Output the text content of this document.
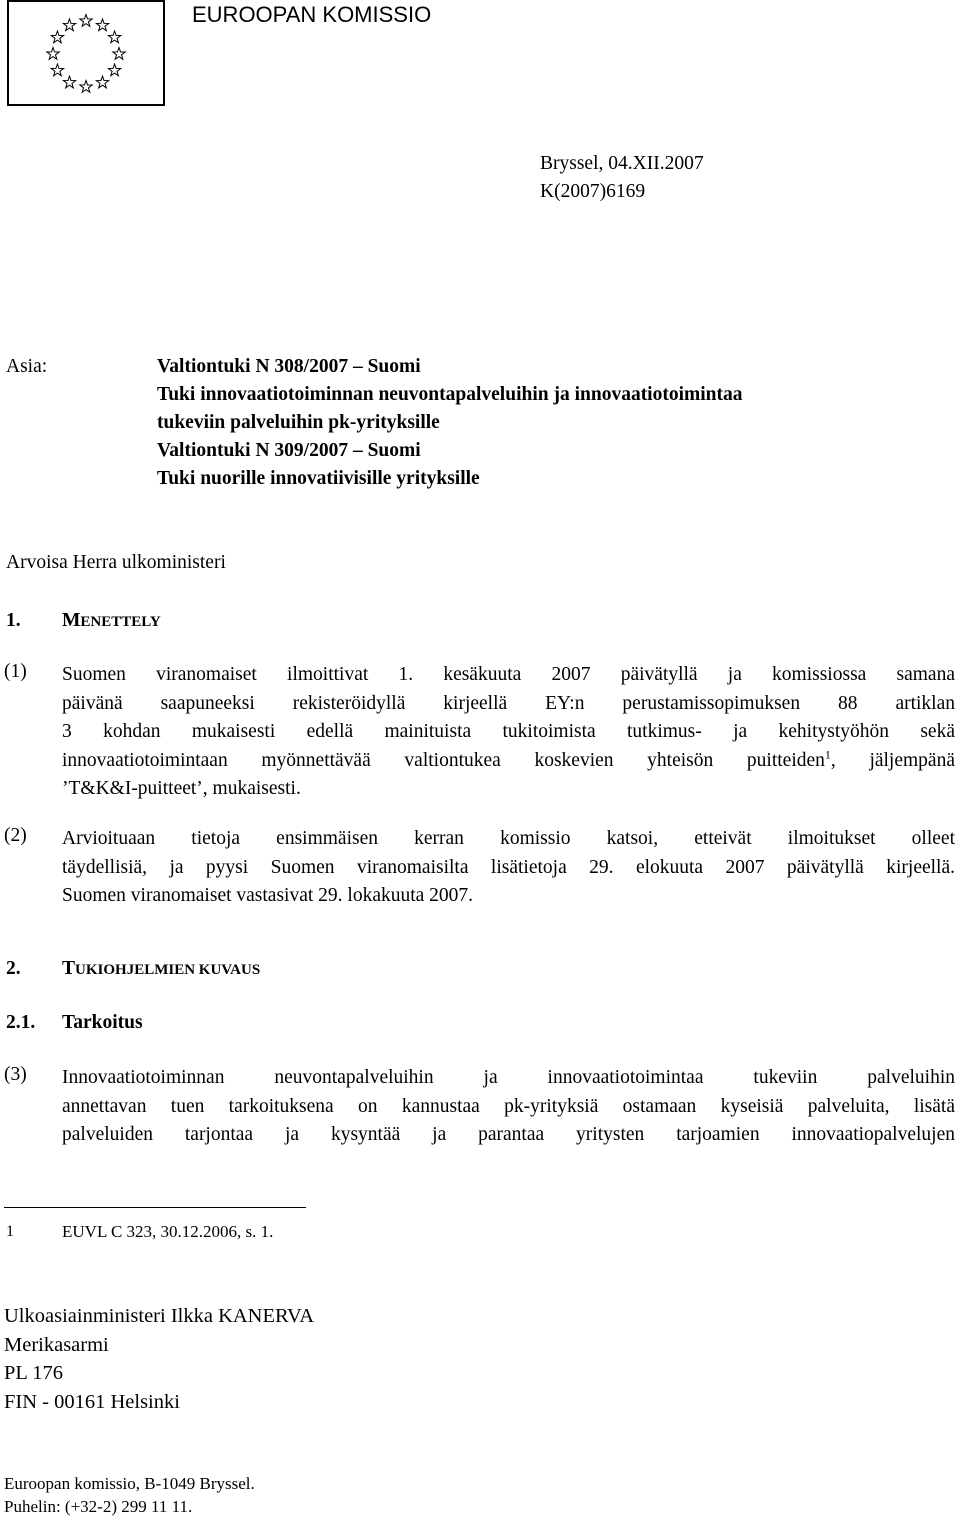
EUROOPAN KOMISSIO
Bryssel, 04.XII.2007
K(2007)6169
Asia:	Valtiontuki N 308/2007 – Suomi
Tuki innovaatiotoiminnan neuvontapalveluihin ja innovaatiotoimintaa
tukeviin palveluihin pk-yrityksille
Valtiontuki N 309/2007 – Suomi
Tuki nuorille innovatiivisille yrityksille
Arvoisa Herra ulkoministeri
1. MENETTELY
(1) Suomen viranomaiset ilmoittivat 1. kesäkuuta 2007 päivätyllä ja komissiossa samana
päivänä saapuneeksi rekisteröidyllä kirjeellä EY:n perustamissopimuksen 88 artiklan
3 kohdan mukaisesti edellä mainituista tukitoimista tutkimus- ja kehitystyöhön sekä
innovaatiotoimintaan myönnettävää valtiontukea koskevien yhteisön puitteiden$^1$, jäljempänä
’T&K&I-puitteet’, mukaisesti.
(2) Arvioituaan tietoja ensimmäisen kerran komissio katsoi, etteivät ilmoitukset olleet
täydellisiä, ja pyysi Suomen viranomaisilta lisätietoja 29. elokuuta 2007 päivätyllä kirjeellä.
Suomen viranomaiset vastasivat 29. lokakuuta 2007.
2. TUKIOHJELMIEN KUVAUS
2.1. Tarkoitus
(3) Innovaatiotoiminnan neuvontapalveluihin ja innovaatiotoimintaa tukeviin palveluihin
annettavan tuen tarkoituksena on kannustaa pk-yrityksiä ostamaan kyseisiä palveluita, lisätä
palveluiden tarjontaa ja kysyntää ja parantaa yritysten tarjoamien innovaatiopalvelujen
1	EUVL C 323, 30.12.2006, s. 1.
Ulkoasiainministeri Ilkka KANERVA
Merikasarmi
PL 176
FIN - 00161 Helsinki
Euroopan komissio, B-1049 Bryssel.
Puhelin: (+32-2) 299 11 11.
